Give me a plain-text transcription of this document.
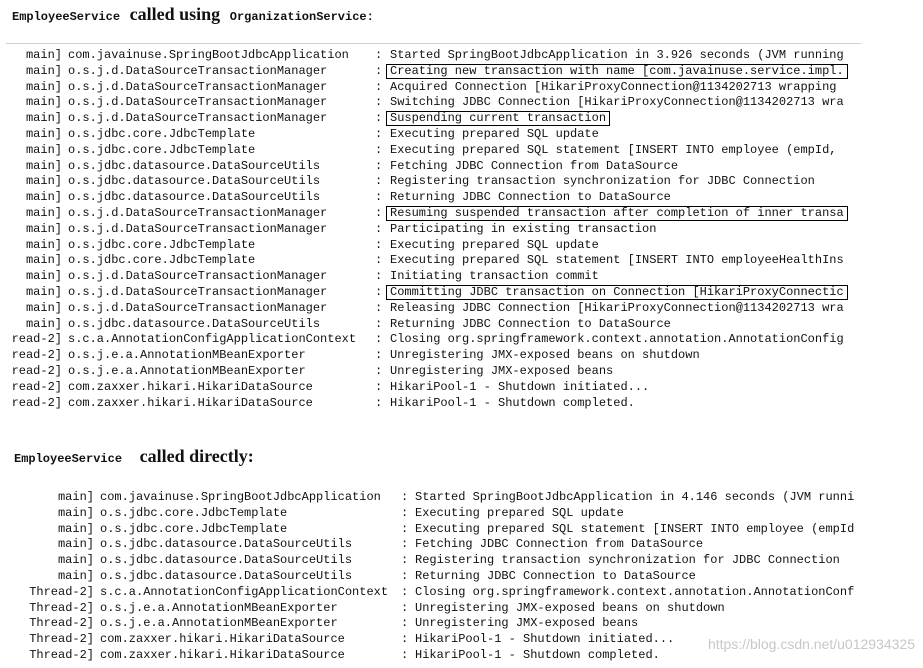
EmployeeService called using OrganizationService:
main] com.javainuse.SpringBootJdbcApplication : Started SpringBootJdbcApplication in 3.926 seconds (JVM running
main] o.s.j.d.DataSourceTransactionManager	: Creating new transaction with name [com.javainuse.service.impl.
main] o.s.j.d.DataSourceTransactionManager	: Acquired Connection [HikariProxyConnection@1134202713 wrapping
main] o.s.j.d.DataSourceTransactionManager	: Switching JDBC Connection [HikariProxyConnection@1134202713 wra
main] o.s.j.d.DataSourceTransactionManager	: Suspending current transaction
main] o.s.jdbc.core.JdbcTemplate	: Executing prepared SQL update
main] o.s.jdbc.core.JdbcTemplate	: Executing prepared SQL statement [INSERT INTO employee (empId,
main] o.s.jdbc.datasource.DataSourceUtils	: Fetching JDBC Connection from DataSource
main] o.s.jdbc.datasource.DataSourceUtils	: Registering transaction synchronization for JDBC Connection
main] o.s.jdbc.datasource.DataSourceUtils	: Returning JDBC Connection to DataSource
main] o.s.j.d.DataSourceTransactionManager	: Resuming suspended transaction after completion of inner transa
main] o.s.j.d.DataSourceTransactionManager	: Participating in existing transaction
main] o.s.jdbc.core.JdbcTemplate	: Executing prepared SQL update
main] o.s.jdbc.core.JdbcTemplate	: Executing prepared SQL statement [INSERT INTO employeeHealthIns
main] o.s.j.d.DataSourceTransactionManager	: Initiating transaction commit
main] o.s.j.d.DataSourceTransactionManager	: Committing JDBC transaction on Connection [HikariProxyConnectic
main] o.s.j.d.DataSourceTransactionManager	: Releasing JDBC Connection [HikariProxyConnection@1134202713 wra
main] o.s.jdbc.datasource.DataSourceUtils	: Returning JDBC Connection to DataSource
read-2] s.c.a.AnnotationConfigApplicationContext : Closing org.springframework.context.annotation.AnnotationConfig
read-2] o.s.j.e.a.AnnotationMBeanExporter	: Unregistering JMX-exposed beans on shutdown
read-2] o.s.j.e.a.AnnotationMBeanExporter	: Unregistering JMX-exposed beans
read-2] com.zaxxer.hikari.HikariDataSource	: HikariPool-1 - Shutdown initiated...
read-2] com.zaxxer.hikari.HikariDataSource	: HikariPool-1 - Shutdown completed.
EmployeeService called directly:
main] com.javainuse.SpringBootJdbcApplication : Started SpringBootJdbcApplication in 4.146 seconds (JVM runni
main] o.s.jdbc.core.JdbcTemplate	: Executing prepared SQL update
main] o.s.jdbc.core.JdbcTemplate	: Executing prepared SQL statement [INSERT INTO employee (empId
main] o.s.jdbc.datasource.DataSourceUtils	: Fetching JDBC Connection from DataSource
main] o.s.jdbc.datasource.DataSourceUtils	: Registering transaction synchronization for JDBC Connection
main] o.s.jdbc.datasource.DataSourceUtils	: Returning JDBC Connection to DataSource
Thread-2] s.c.a.AnnotationConfigApplicationContext : Closing org.springframework.context.annotation.AnnotationConf
Thread-2] o.s.j.e.a.AnnotationMBeanExporter	: Unregistering JMX-exposed beans on shutdown
Thread-2] o.s.j.e.a.AnnotationMBeanExporter	: Unregistering JMX-exposed beans
Thread-2] com.zaxxer.hikari.HikariDataSource	: HikariPool-1 - Shutdown initiated...
Thread-2] com.zaxxer.hikari.HikariDataSource	: HikariPool-1 - Shutdown completed.
https://blog.csdn.net/u012934325
